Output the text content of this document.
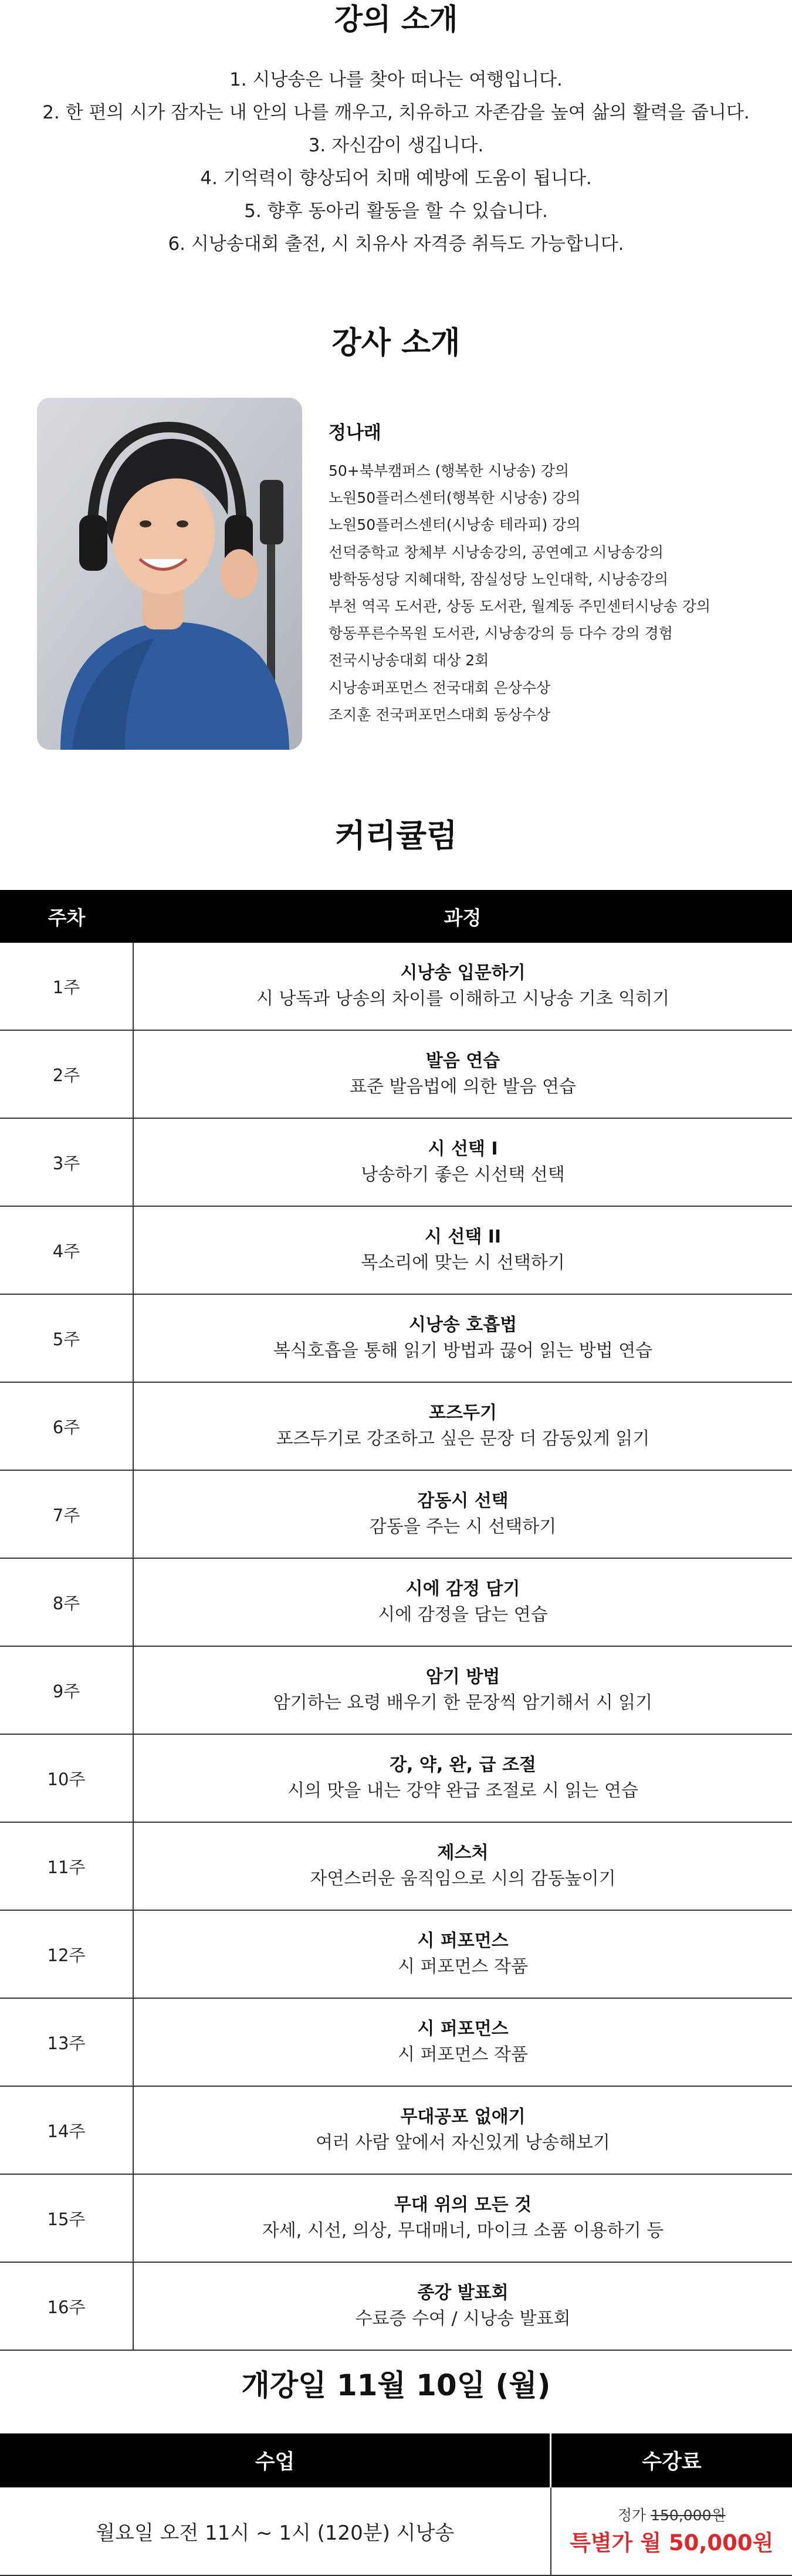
강의 소개
1. 시낭송은 나를 찾아 떠나는 여행입니다.
2. 한 편의 시가 잠자는 내 안의 나를 깨우고, 치유하고 자존감을 높여 삶의 활력을 줍니다.
3. 자신감이 생깁니다.
4. 기억력이 향상되어 치매 예방에 도움이 됩니다.
5. 향후 동아리 활동을 할 수 있습니다.
6. 시낭송대회 출전, 시 치유사 자격증 취득도 가능합니다.
강사 소개
정나래
50+북부캠퍼스 (행복한 시낭송) 강의
노원50플러스센터(행복한 시낭송) 강의
노원50플러스센터(시낭송 테라피) 강의
선덕중학교 창체부 시낭송강의, 공연예고 시낭송강의
방학동성당 지혜대학, 잠실성당 노인대학, 시낭송강의
부천 역곡 도서관, 상동 도서관, 월계동 주민센터시낭송 강의
항동푸른수목원 도서관, 시낭송강의 등 다수 강의 경험
전국시낭송대회 대상 2회
시낭송퍼포먼스 전국대회 은상수상
조지훈 전국퍼포먼스대회 동상수상
커리큘럼
주차	과정
1주	시낭송 입문하기
시 낭독과 낭송의 차이를 이해하고 시낭송 기초 익히기

2주	발음 연습
표준 발음법에 의한 발음 연습

3주	시 선택 I
낭송하기 좋은 시선택 선택

4주	시 선택 II
목소리에 맞는 시 선택하기

5주	시낭송 호흡법
복식호흡을 통해 읽기 방법과 끊어 읽는 방법 연습

6주	포즈두기
포즈두기로 강조하고 싶은 문장 더 감동있게 읽기

7주	감동시 선택
감동을 주는 시 선택하기

8주	시에 감정 담기
시에 감정을 담는 연습

9주	암기 방법
암기하는 요령 배우기 한 문장씩 암기해서 시 읽기

10주	강, 약, 완, 급 조절
시의 맛을 내는 강약 완급 조절로 시 읽는 연습

11주	제스처
자연스러운 움직임으로 시의 감동높이기

12주	시 퍼포먼스
시 퍼포먼스 작품

13주	시 퍼포먼스
시 퍼포먼스 작품

14주	무대공포 없애기
여러 사람 앞에서 자신있게 낭송해보기

15주	무대 위의 모든 것
자세, 시선, 의상, 무대매너, 마이크 소품 이용하기 등

16주	종강 발표회
수료증 수여 / 시낭송 발표회
개강일 11월 10일 (월)
수업	수강료
월요일 오전 11시 ~ 1시 (120분) 시낭송	정가 150,000원
특별가 월 50,000원
